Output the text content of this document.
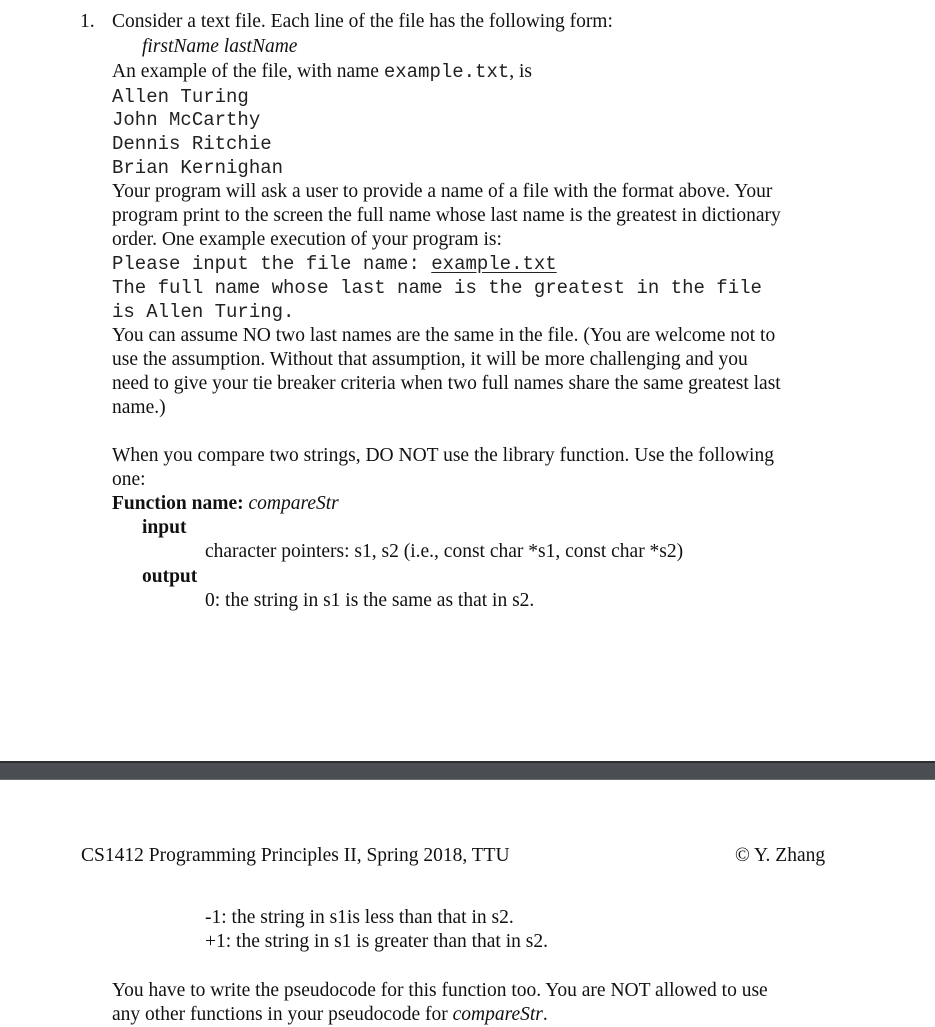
1. Consider a text file. Each line of the file has the following form:
firstName lastName
An example of the file, with name example.txt, is
Allen Turing
John McCarthy
Dennis Ritchie
Brian Kernighan
Your program will ask a user to provide a name of a file with the format above. Your
program print to the screen the full name whose last name is the greatest in dictionary
order. One example execution of your program is:
Please input the file name: example.txt
The full name whose last name is the greatest in the file
is Allen Turing.
You can assume NO two last names are the same in the file. (You are welcome not to
use the assumption. Without that assumption, it will be more challenging and you
need to give your tie breaker criteria when two full names share the same greatest last
name.)
When you compare two strings, DO NOT use the library function. Use the following
one:
Function name: compareStr
input
character pointers: s1, s2 (i.e., const char *s1, const char *s2)
output
0: the string in s1 is the same as that in s2.
CS1412 Programming Principles II, Spring 2018, TTU	© Y. Zhang
-1: the string in s1is less than that in s2.
+1: the string in s1 is greater than that in s2.
You have to write the pseudocode for this function too. You are NOT allowed to use
any other functions in your pseudocode for compareStr.
